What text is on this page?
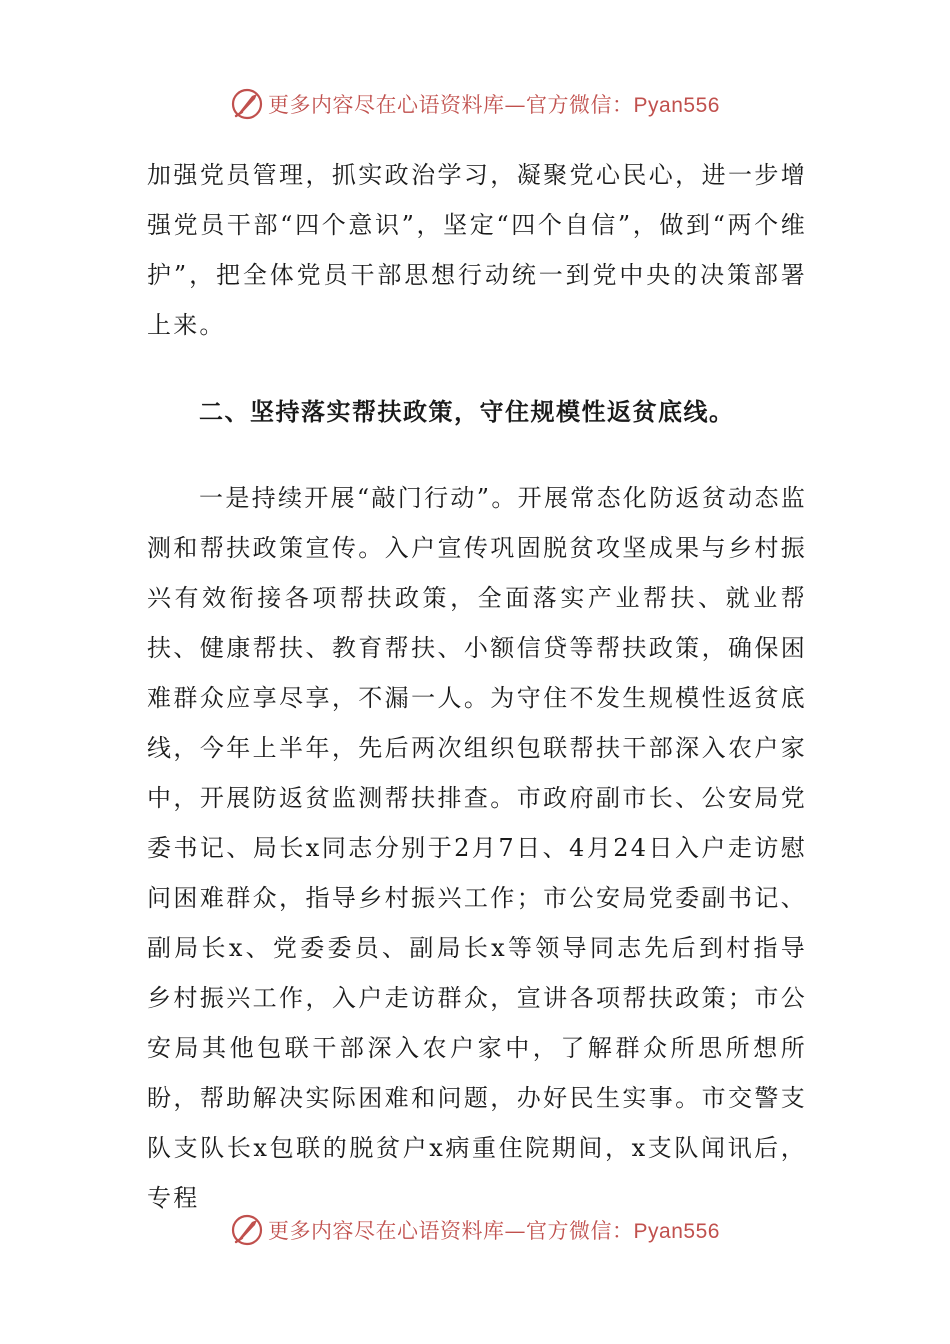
更多内容尽在心语资料库—官方微信：Pyan556

加强党员管理，抓实政治学习，凝聚党心民心，进一步增强党员干部“四个意识”，坚定“四个自信”，做到“两个维护”，把全体党员干部思想行动统一到党中央的决策部署上来。

二、坚持落实帮扶政策，守住规模性返贫底线。

一是持续开展“敲门行动”。开展常态化防返贫动态监测和帮扶政策宣传。入户宣传巩固脱贫攻坚成果与乡村振兴有效衔接各项帮扶政策，全面落实产业帮扶、就业帮扶、健康帮扶、教育帮扶、小额信贷等帮扶政策，确保困难群众应享尽享，不漏一人。为守住不发生规模性返贫底线，今年上半年，先后两次组织包联帮扶干部深入农户家中，开展防返贫监测帮扶排查。市政府副市长、公安局党委书记、局长x同志分别于2月7日、4月24日入户走访慰问困难群众，指导乡村振兴工作；市公安局党委副书记、副局长x、党委委员、副局长x等领导同志先后到村指导乡村振兴工作，入户走访群众，宣讲各项帮扶政策；市公安局其他包联干部深入农户家中，了解群众所思所想所盼，帮助解决实际困难和问题，办好民生实事。市交警支队支队长x包联的脱贫户x病重住院期间，x支队闻讯后，专程

更多内容尽在心语资料库—官方微信：Pyan556
